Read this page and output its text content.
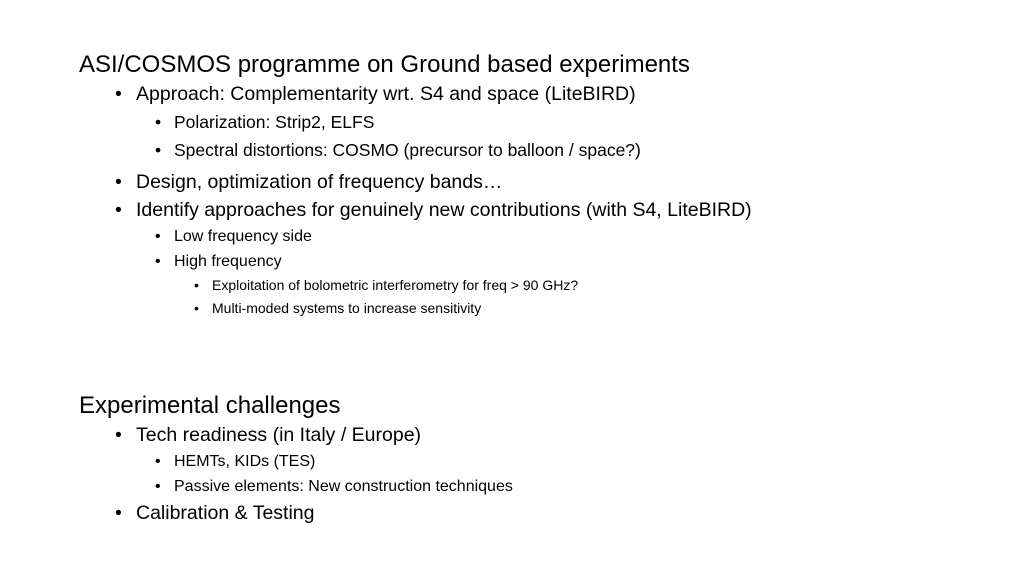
ASI/COSMOS programme on Ground based experiments
• Approach: Complementarity wrt. S4 and space (LiteBIRD)
• Polarization: Strip2, ELFS
• Spectral distortions: COSMO (precursor to balloon / space?)
• Design, optimization of frequency bands…
• Identify approaches for genuinely new contributions (with S4, LiteBIRD)
• Low frequency side
• High frequency
• Exploitation of bolometric interferometry for freq > 90 GHz?
• Multi-moded systems to increase sensitivity
Experimental challenges
• Tech readiness (in Italy / Europe)
• HEMTs, KIDs (TES)
• Passive elements: New construction techniques
• Calibration & Testing
